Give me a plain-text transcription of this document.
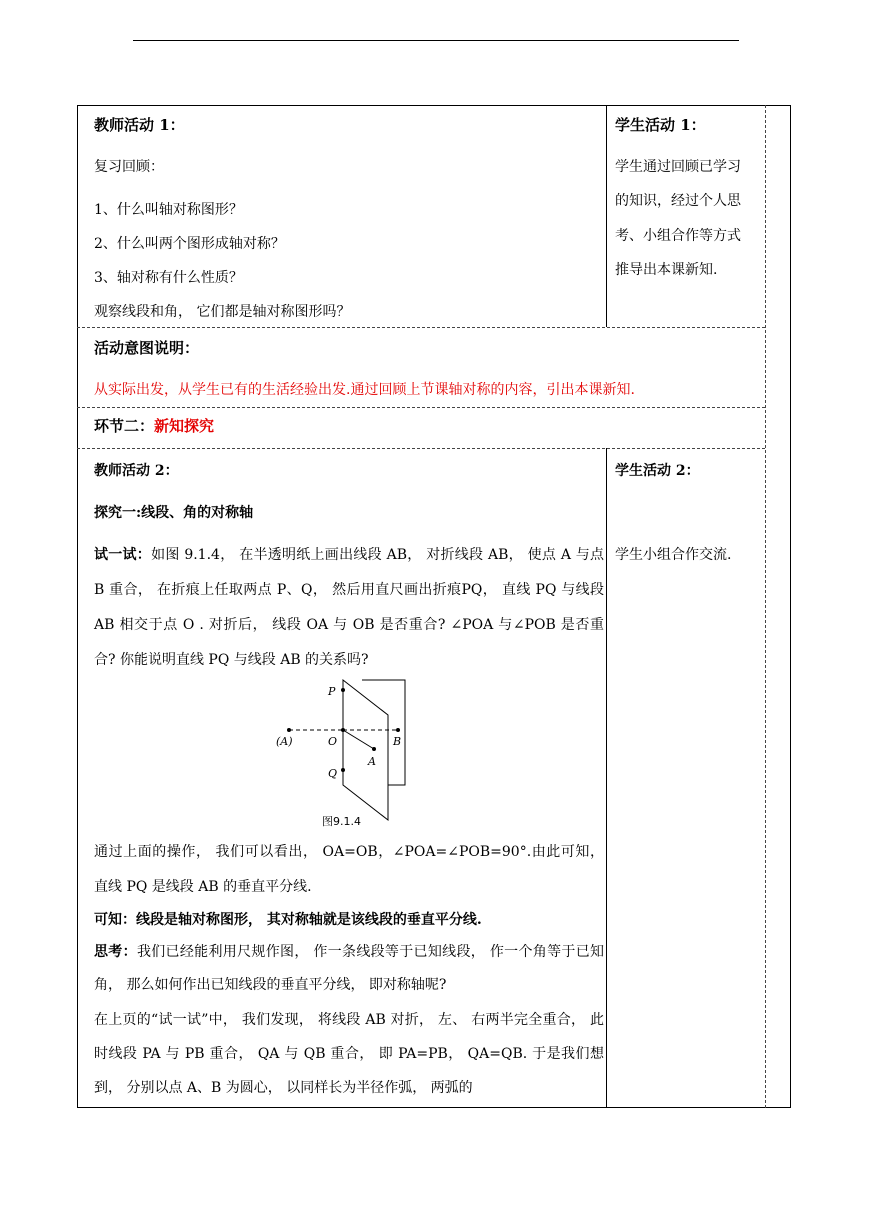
教师活动 1：
复习回顾：
1、什么叫轴对称图形？
2、什么叫两个图形成轴对称？
3、轴对称有什么性质？
观察线段和角， 它们都是轴对称图形吗？
学生活动 1：
学生通过回顾已学习
的知识，经过个人思
考、小组合作等方式
推导出本课新知.
活动意图说明：
从实际出发，从学生已有的生活经验出发.通过回顾上节课轴对称的内容，引出本课新知.
环节二：新知探究
教师活动 2：
探究一:线段、角的对称轴
试一试：如图 9.1.4， 在半透明纸上画出线段 AB， 对折线段 AB， 使点 A 与点 B 重合， 在折痕上任取两点 P、Q， 然后用直尺画出折痕PQ， 直线 PQ 与线段 AB 相交于点 O . 对折后， 线段 OA 与 OB 是否重合? ∠POA 与∠POB 是否重合? 你能说明直线 PQ 与线段 AB 的关系吗?
P
Q
O
(A)	B
A
图9.1.4
通过上面的操作， 我们可以看出， OA=OB，∠POA=∠POB=90°.由此可知， 直线 PQ 是线段 AB 的垂直平分线.
可知：线段是轴对称图形， 其对称轴就是该线段的垂直平分线.
思考：我们已经能利用尺规作图， 作一条线段等于已知线段， 作一个角等于已知角， 那么如何作出已知线段的垂直平分线， 即对称轴呢?
在上页的“试一试”中， 我们发现， 将线段 AB 对折， 左、 右两半完全重合， 此时线段 PA 与 PB 重合， QA 与 QB 重合， 即 PA=PB， QA=QB. 于是我们想到， 分别以点 A、B 为圆心， 以同样长为半径作弧， 两弧的
学生活动 2：
学生小组合作交流.
